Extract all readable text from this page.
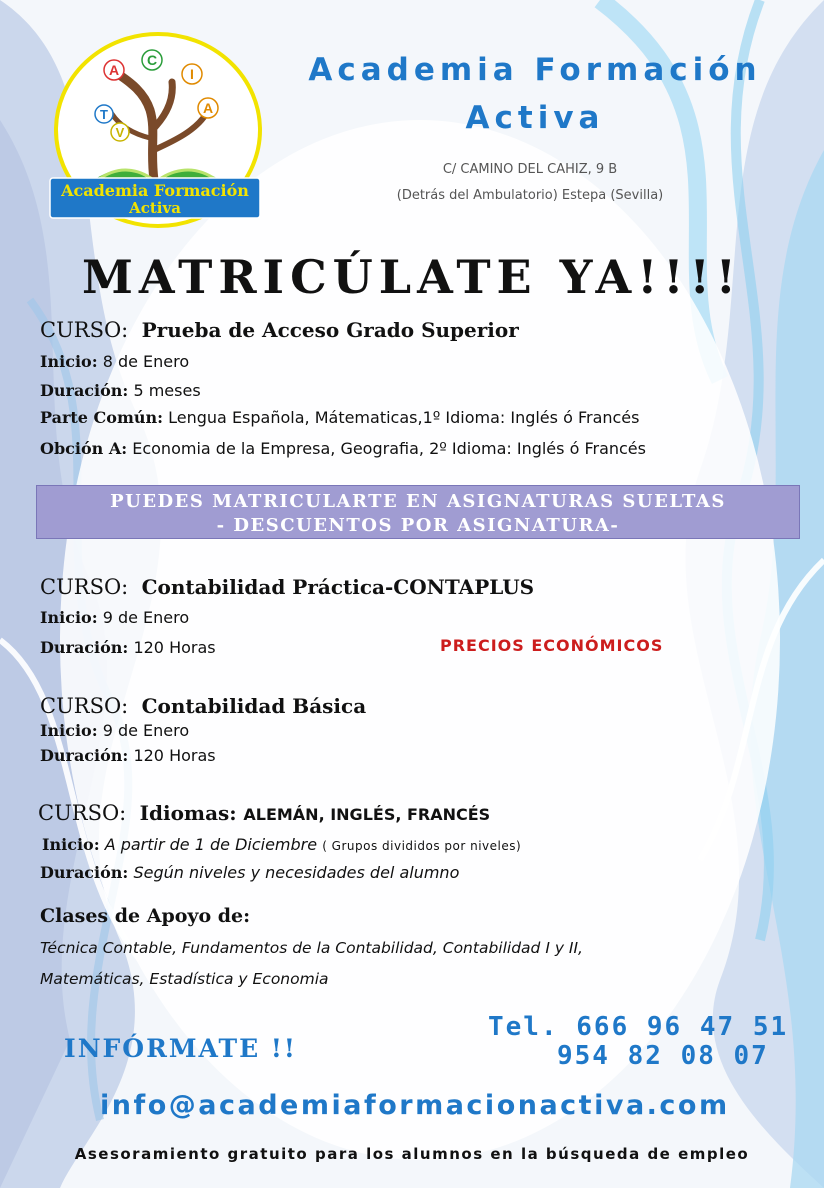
A
C
T
I
V
A
Academia Formación
Activa
Academia Formación
Activa
C/ CAMINO DEL CAHIZ, 9 B
(Detrás del Ambulatorio) Estepa (Sevilla)
MATRICÚLATE YA!!!!
CURSO: Prueba de Acceso Grado Superior
Inicio: 8 de Enero
Duración: 5 meses
Parte Común: Lengua Española, Mátematicas,1º Idioma: Inglés ó Francés
Obción A: Economia de la Empresa, Geografia, 2º Idioma: Inglés ó Francés
PUEDES MATRICULARTE EN ASIGNATURAS SUELTAS
- DESCUENTOS POR ASIGNATURA-
CURSO: Contabilidad Práctica-CONTAPLUS
Inicio: 9 de Enero
Duración: 120 Horas	PRECIOS ECONÓMICOS
CURSO: Contabilidad Básica
Inicio: 9 de Enero
Duración: 120 Horas
CURSO: Idiomas: ALEMÁN, INGLÉS, FRANCÉS
Inicio: A partir de 1 de Diciembre ( Grupos divididos por niveles)
Duración: Según niveles y necesidades del alumno
Clases de Apoyo de:
Técnica Contable, Fundamentos de la Contabilidad, Contabilidad I y II,
Matemáticas, Estadística y Economia
INFÓRMATE !!
Tel. 666 96 47 51
954 82 08 07
info@academiaformacionactiva.com
Asesoramiento gratuito para los alumnos en la búsqueda de empleo
